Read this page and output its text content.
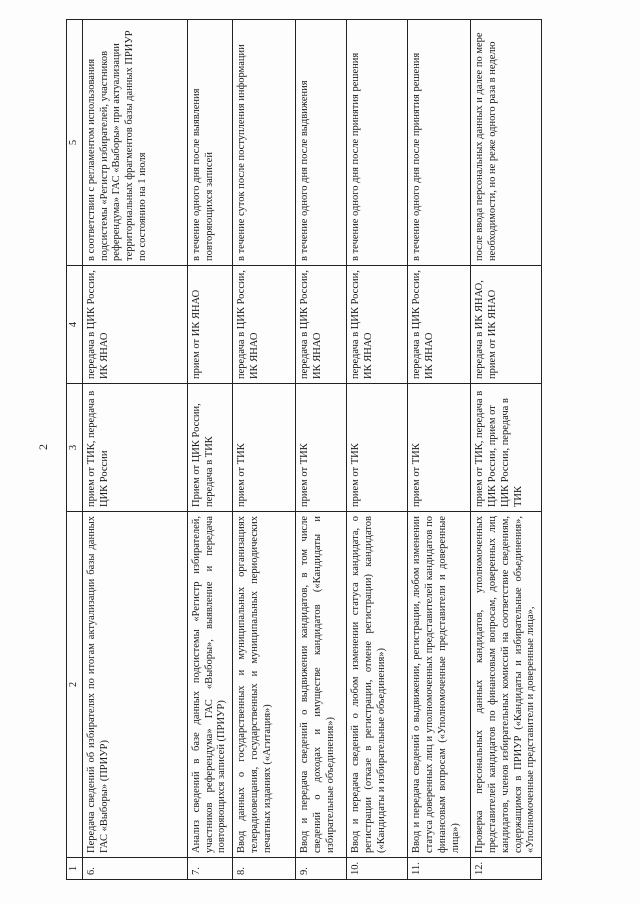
2
1	2	3	4	5
6.	Передача сведений об избирателях по итогам актуализации базы данных ГАС «Выборы» (ПРИУР)	прием от ТИК, передача в ЦИК России	передача в ЦИК России, ИК ЯНАО	в соответствии с регламентом использования подсистемы «Регистр избирателей, участников референдума» ГАС «Выборы» при актуализации территориальных фрагментов базы данных ПРИУР по состоянию на 1 июля
7.	Анализ сведений в базе данных подсистемы «Регистр избирателей, участников референдума» ГАС «Выборы», выявление и передача повторяющихся записей (ПРИУР)	Прием от ЦИК России, передача в ТИК	прием от ИК ЯНАО	в течение одного дня после выявления повторяющихся записей
8.	Ввод данных о государственных и муниципальных организациях телерадиовещания, государственных и муниципальных периодических печатных изданиях («Агитация»)	прием от ТИК	передача в ЦИК России, ИК ЯНАО	в течение суток после поступления информации
9.	Ввод и передача сведений о выдвижении кандидатов, в том числе сведений о доходах и имуществе кандидатов («Кандидаты и избирательные объединения»)	прием от ТИК	передача в ЦИК России, ИК ЯНАО	в течение одного дня после выдвижения
10.	Ввод и передача сведений о любом изменении статуса кандидата, о регистрации (отказе в регистрации, отмене регистрации) кандидатов («Кандидаты и избирательные объединения»)	прием от ТИК	передача в ЦИК России, ИК ЯНАО	в течение одного дня после принятия решения
11.	Ввод и передача сведений о выдвижении, регистрации, любом изменении статуса доверенных лиц и уполномоченных представителей кандидатов по финансовым вопросам («Уполномоченные представители и доверенные лица»)	прием от ТИК	передача в ЦИК России, ИК ЯНАО	в течение одного дня после принятия решения
12.	Проверка персональных данных кандидатов, уполномоченных представителей кандидатов по финансовым вопросам, доверенных лиц кандидатов, членов избирательных комиссий на соответствие сведениям, содержащимся в ПРИУР («Кандидаты и избирательные объединения», «Уполномоченные представители и доверенные лица»,	прием от ТИК, передача в ЦИК России, прием от ЦИК России, передача в ТИК	передача в ИК ЯНАО, прием от ИК ЯНАО	после ввода персональных данных и далее по мере необходимости, но не реже одного раза в неделю
